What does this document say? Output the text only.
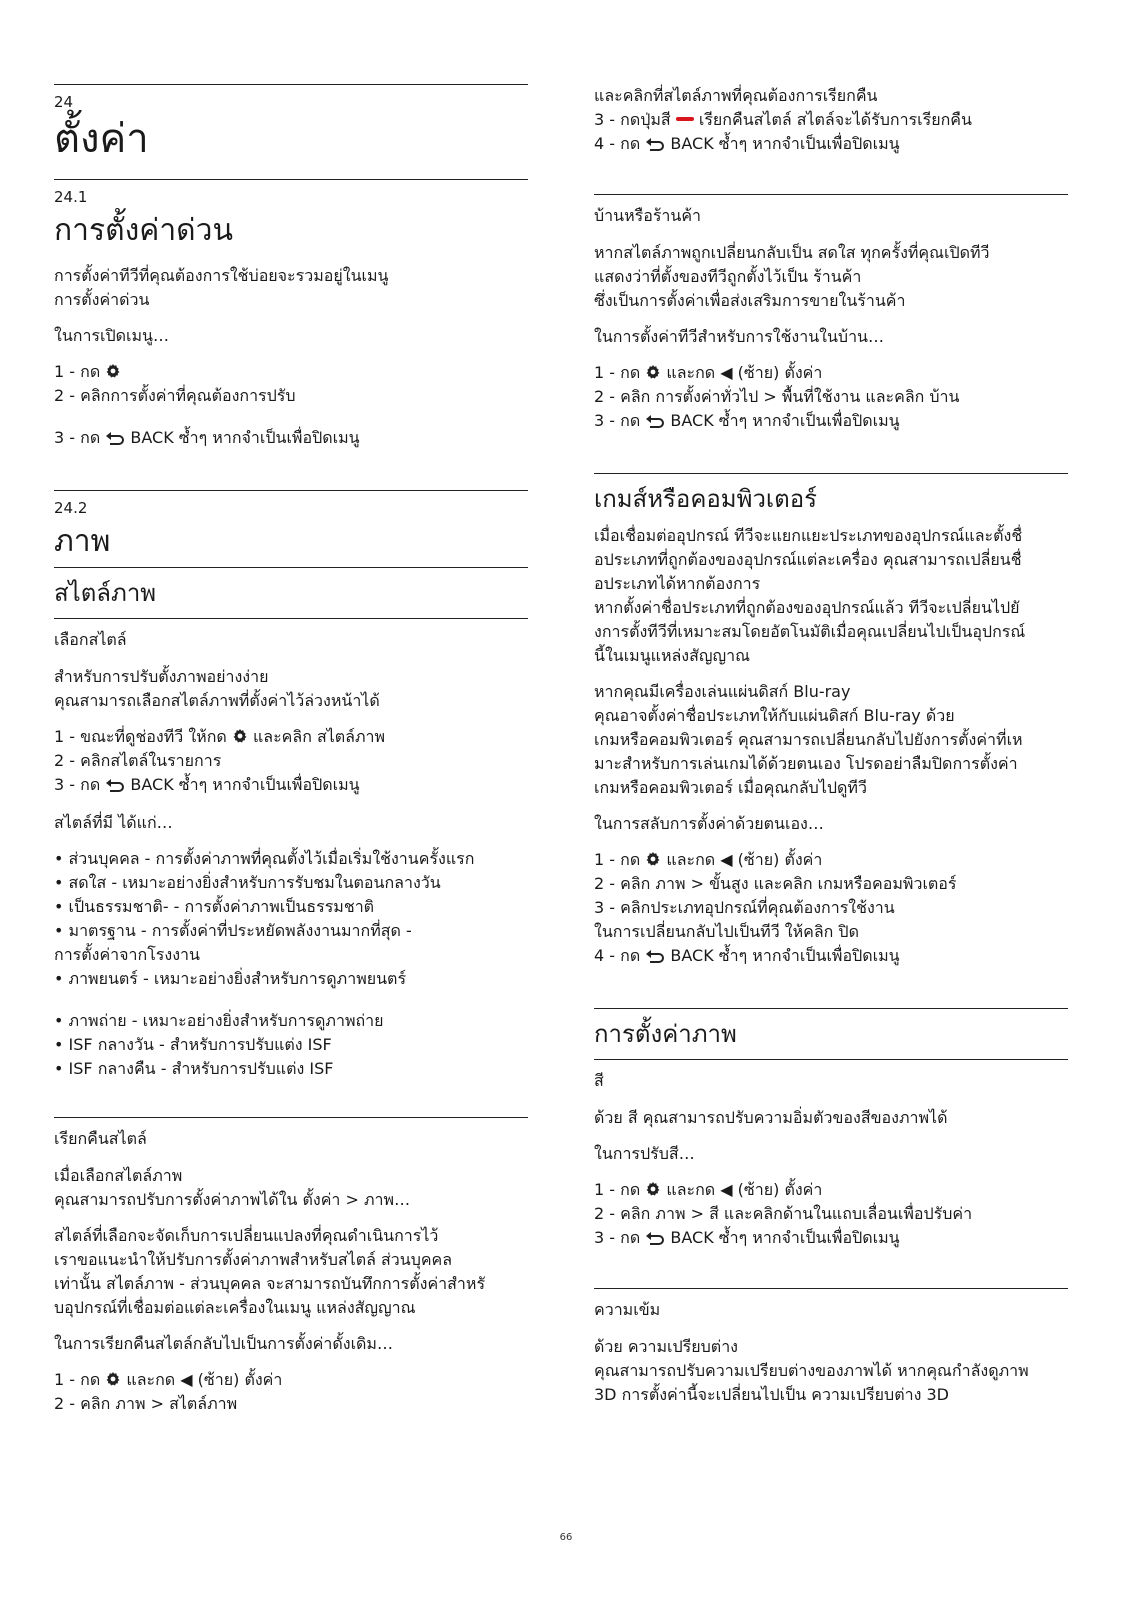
24
ตั้งค่า
24.1
การตั้งค่าด่วน
การตั้งค่าทีวีที่คุณต้องการใช้บ่อยจะรวมอยู่ในเมนู
การตั้งค่าด่วน
ในการเปิดเมนู…
1 - กด
2 - คลิกการตั้งค่าที่คุณต้องการปรับ
3 - กด BACK ซ้ำๆ หากจำเป็นเพื่อปิดเมนู
24.2
ภาพ
สไตล์ภาพ
เลือกสไตล์
สำหรับการปรับตั้งภาพอย่างง่าย
คุณสามารถเลือกสไตล์ภาพที่ตั้งค่าไว้ล่วงหน้าได้
1 - ขณะที่ดูช่องทีวี ให้กด และคลิก สไตล์ภาพ
2 - คลิกสไตล์ในรายการ
3 - กด BACK ซ้ำๆ หากจำเป็นเพื่อปิดเมนู
สไตล์ที่มี ได้แก่…
• ส่วนบุคคล - การตั้งค่าภาพที่คุณตั้งไว้เมื่อเริ่มใช้งานครั้งแรก
• สดใส - เหมาะอย่างยิ่งสำหรับการรับชมในตอนกลางวัน
• เป็นธรรมชาติ- - การตั้งค่าภาพเป็นธรรมชาติ
• มาตรฐาน - การตั้งค่าที่ประหยัดพลังงานมากที่สุด -
การตั้งค่าจากโรงงาน
• ภาพยนตร์ - เหมาะอย่างยิ่งสำหรับการดูภาพยนตร์
• ภาพถ่าย - เหมาะอย่างยิ่งสำหรับการดูภาพถ่าย
• ISF กลางวัน - สำหรับการปรับแต่ง ISF
• ISF กลางคืน - สำหรับการปรับแต่ง ISF
เรียกคืนสไตล์
เมื่อเลือกสไตล์ภาพ
คุณสามารถปรับการตั้งค่าภาพได้ใน ตั้งค่า > ภาพ…
สไตล์ที่เลือกจะจัดเก็บการเปลี่ยนแปลงที่คุณดำเนินการไว้
เราขอแนะนำให้ปรับการตั้งค่าภาพสำหรับสไตล์ ส่วนบุคคล
เท่านั้น สไตล์ภาพ - ส่วนบุคคล จะสามารถบันทึกการตั้งค่าสำหรั
บอุปกรณ์ที่เชื่อมต่อแต่ละเครื่องในเมนู แหล่งสัญญาณ
ในการเรียกคืนสไตล์กลับไปเป็นการตั้งค่าดั้งเดิม…
1 - กด และกด ◀ (ซ้าย) ตั้งค่า
2 - คลิก ภาพ > สไตล์ภาพ
และคลิกที่สไตล์ภาพที่คุณต้องการเรียกคืน
3 - กดปุ่มสี เรียกคืนสไตล์ สไตล์จะได้รับการเรียกคืน
4 - กด BACK ซ้ำๆ หากจำเป็นเพื่อปิดเมนู
บ้านหรือร้านค้า
หากสไตล์ภาพถูกเปลี่ยนกลับเป็น สดใส ทุกครั้งที่คุณเปิดทีวี
แสดงว่าที่ตั้งของทีวีถูกตั้งไว้เป็น ร้านค้า
ซึ่งเป็นการตั้งค่าเพื่อส่งเสริมการขายในร้านค้า
ในการตั้งค่าทีวีสำหรับการใช้งานในบ้าน…
1 - กด และกด ◀ (ซ้าย) ตั้งค่า
2 - คลิก การตั้งค่าทั่วไป > พื้นที่ใช้งาน และคลิก บ้าน
3 - กด BACK ซ้ำๆ หากจำเป็นเพื่อปิดเมนู
เกมส์หรือคอมพิวเตอร์
เมื่อเชื่อมต่ออุปกรณ์ ทีวีจะแยกแยะประเภทของอุปกรณ์และตั้งชื่
อประเภทที่ถูกต้องของอุปกรณ์แต่ละเครื่อง คุณสามารถเปลี่ยนชื่
อประเภทได้หากต้องการ
หากตั้งค่าชื่อประเภทที่ถูกต้องของอุปกรณ์แล้ว ทีวีจะเปลี่ยนไปยั
งการตั้งทีวีที่เหมาะสมโดยอัตโนมัติเมื่อคุณเปลี่ยนไปเป็นอุปกรณ์
นี้ในเมนูแหล่งสัญญาณ
หากคุณมีเครื่องเล่นแผ่นดิสก์ Blu-ray
คุณอาจตั้งค่าชื่อประเภทให้กับแผ่นดิสก์ Blu-ray ด้วย
เกมหรือคอมพิวเตอร์ คุณสามารถเปลี่ยนกลับไปยังการตั้งค่าที่เห
มาะสำหรับการเล่นเกมได้ด้วยตนเอง โปรดอย่าลืมปิดการตั้งค่า
เกมหรือคอมพิวเตอร์ เมื่อคุณกลับไปดูทีวี
ในการสลับการตั้งค่าด้วยตนเอง…
1 - กด และกด ◀ (ซ้าย) ตั้งค่า
2 - คลิก ภาพ > ขั้นสูง และคลิก เกมหรือคอมพิวเตอร์
3 - คลิกประเภทอุปกรณ์ที่คุณต้องการใช้งาน
ในการเปลี่ยนกลับไปเป็นทีวี ให้คลิก ปิด
4 - กด BACK ซ้ำๆ หากจำเป็นเพื่อปิดเมนู
การตั้งค่าภาพ
สี
ด้วย สี คุณสามารถปรับความอิ่มตัวของสีของภาพได้
ในการปรับสี…
1 - กด และกด ◀ (ซ้าย) ตั้งค่า
2 - คลิก ภาพ > สี และคลิกด้านในแถบเลื่อนเพื่อปรับค่า
3 - กด BACK ซ้ำๆ หากจำเป็นเพื่อปิดเมนู
ความเข้ม
ด้วย ความเปรียบต่าง
คุณสามารถปรับความเปรียบต่างของภาพได้ หากคุณกำลังดูภาพ
3D การตั้งค่านี้จะเปลี่ยนไปเป็น ความเปรียบต่าง 3D
66
